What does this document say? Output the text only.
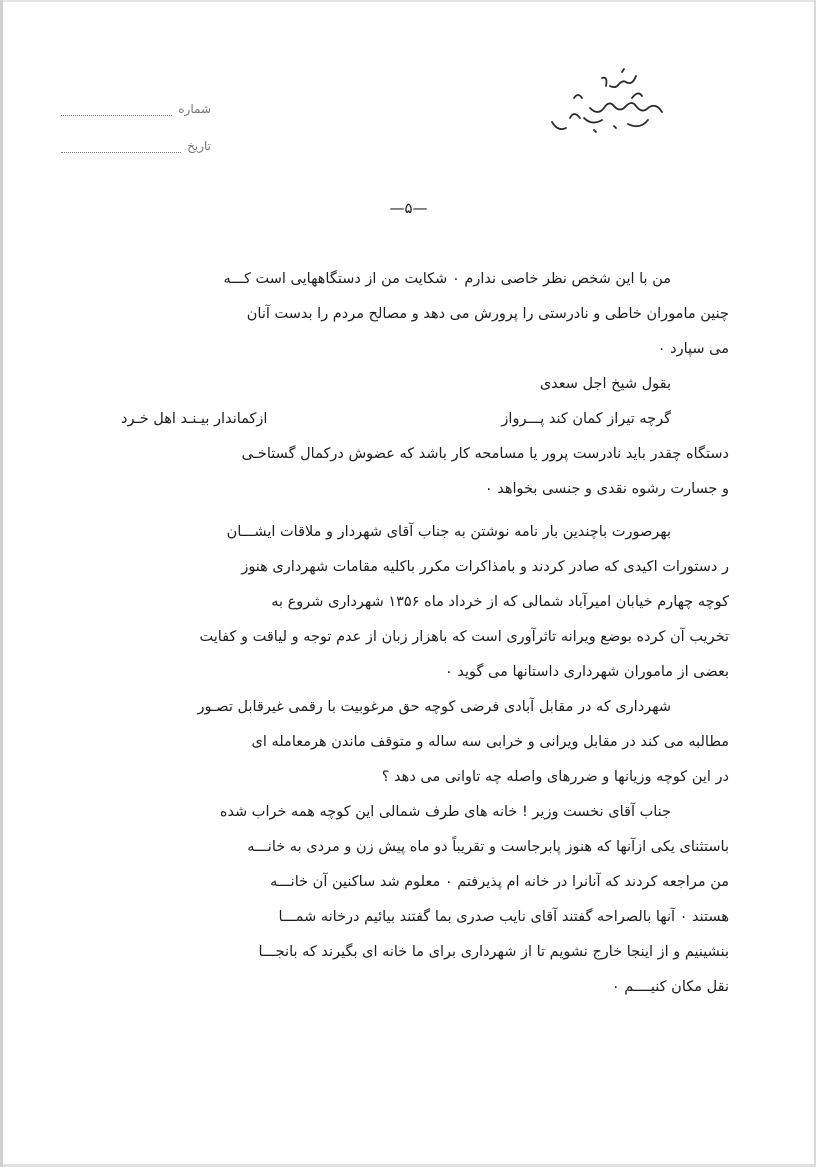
شماره
تاریخ
—۵—
من با این شخص نظر خاصی ندارم ٠ شکایت من از دستگاههایی است کـــه
چنین ماموران خاطی و نادرستی را پرورش می دهد و مصالح مردم را بدست آنان
می سپارد ٠
بقول شیخ اجل سعدی
گرچه تیراز کمان کند پـــرواز
ازکماندار بیـنـد اهل خـرد
دستگاه چقدر باید نادرست پرور یا مسامحه کار باشد که عضوش درکمال گستاخـی
و جسارت رشوه نقدی و جنسی بخواهد ٠
بهرصورت باچندین بار نامه نوشتن به جناب آقای شهردار و ملاقات ایشـــان
ر دستورات اکیدی که صادر کردند و بامذاکرات مکرر باکلیه مقامات شهرداری هنوز
کوچه چهارم خیابان امیرآباد شمالی که از خرداد ماه ۱۳۵۶ شهرداری شروع به
تخریب آن کرده بوضع ویرانه تاثرآوری است که باهزار زبان از عدم توجه و لیاقت و کفایت
بعضی از ماموران شهرداری داستانها می گوید ٠
شهرداری که در مقابل آبادی فرضی کوچه حق مرغوبیت با رقمی غیرقابل تصـور
مطالبه می کند در مقابل ویرانی و خرابی سه ساله و متوقف ماندن هرمعامله ای
در این کوچه وزیانها و ضررهای واصله چه تاوانی می دهد ؟
جناب آقای نخست وزیر ! خانه های طرف شمالی این کوچه همه خراب شده
باستثنای یکی ازآنها که هنوز پابرجاست و تقریباً دو ماه پیش زن و مردی به خانـــه
من مراجعه کردند که آنانرا در خانه ام پذیرفتم ٠ معلوم شد ساکنین آن خانـــه
هستند ٠ آنها بالصراحه گفتند آقای نایب صدری بما گفتند بیائیم درخانه شمـــا
بنشینیم و از اینجا خارج نشویم تا از شهرداری برای ما خانه ای بگیرند که بانجـــا
نقل مکان کنیــــم ٠
